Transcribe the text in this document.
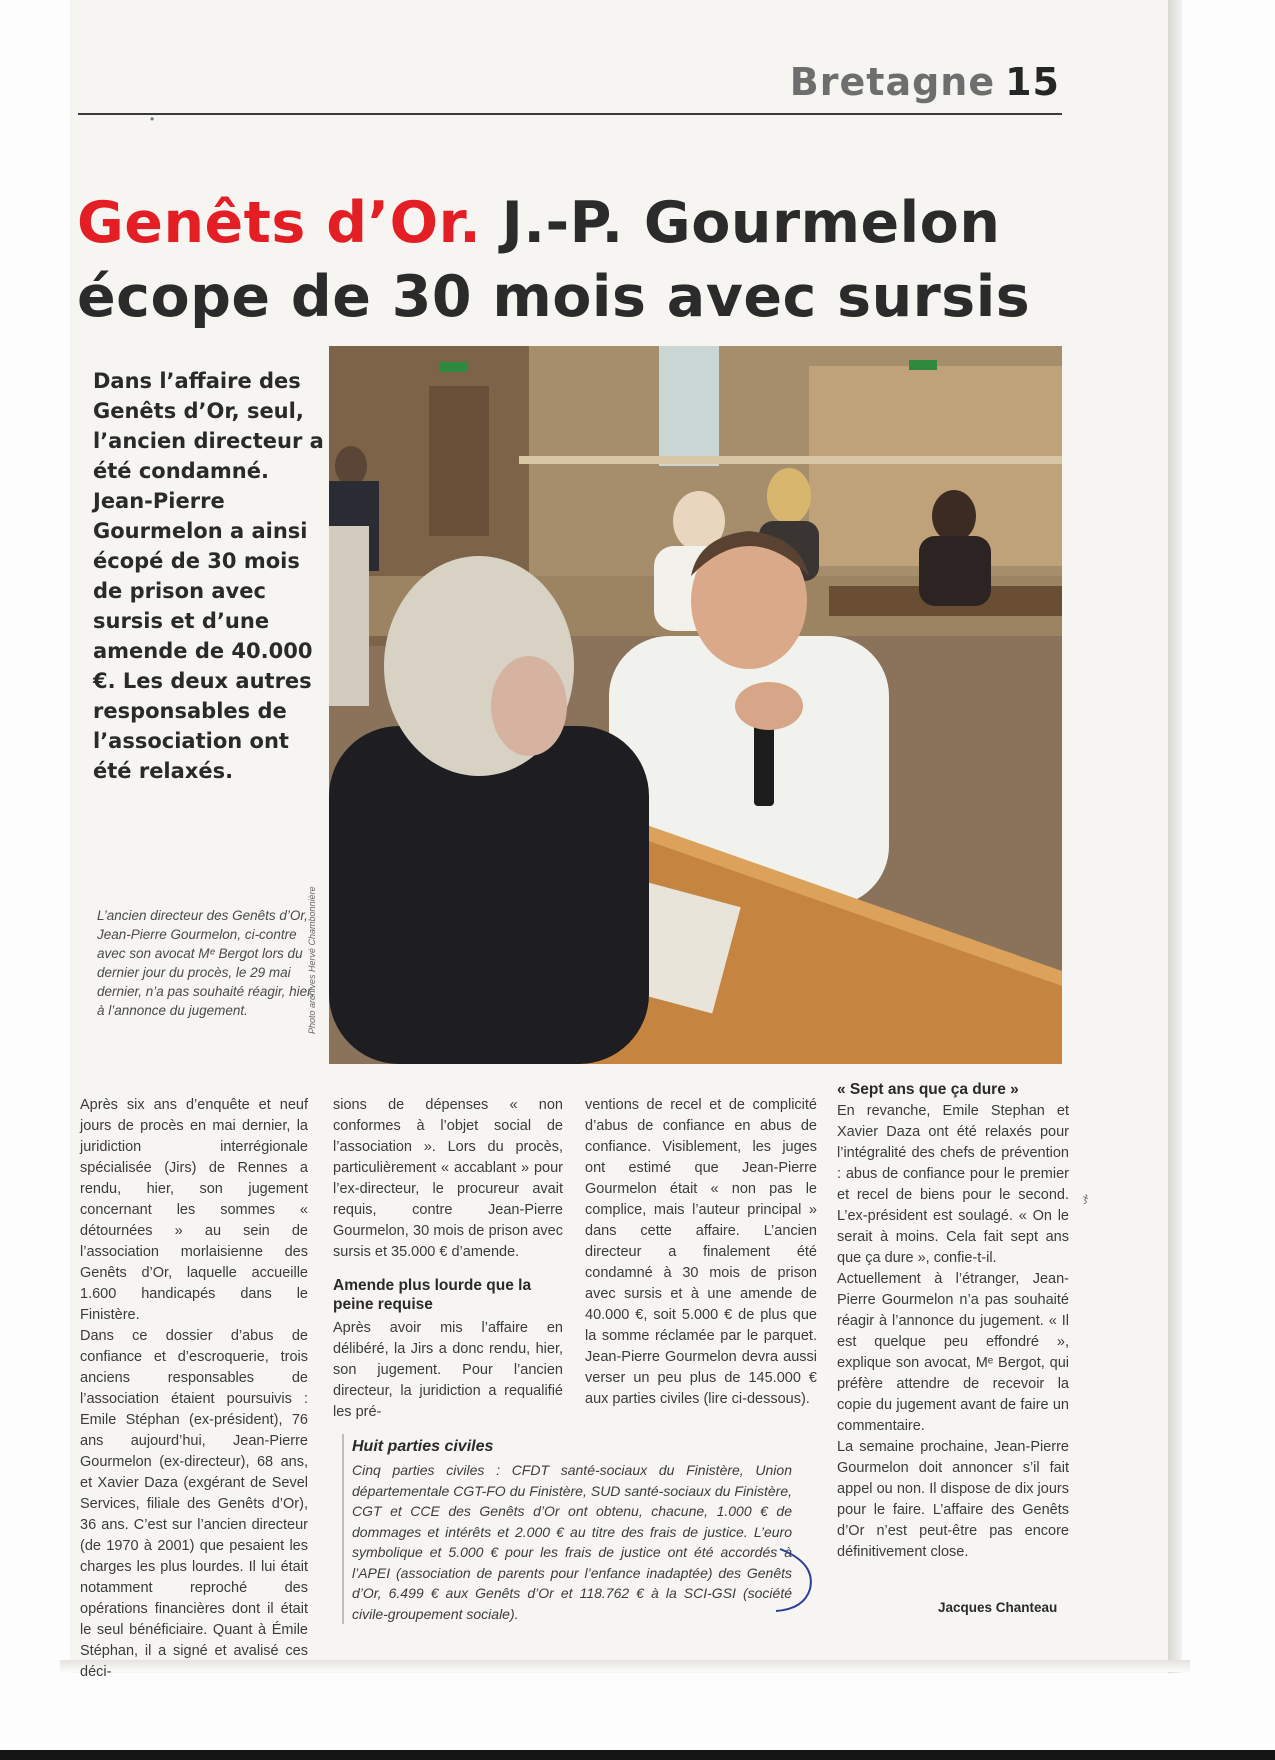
Bretagne 15
Genêts d’Or. J.-P. Gourmelon
écope de 30 mois avec sursis

Dans l’affaire des Genêts d’Or, seul, l’ancien directeur a été condamné. Jean-Pierre Gourmelon a ainsi écopé de 30 mois de prison avec sursis et d’une amende de 40.000 €. Les deux autres responsables de l’association ont été relaxés.

L’ancien directeur des Genêts d’Or, Jean-Pierre Gourmelon, ci-contre avec son avocat Mᵉ Bergot lors du dernier jour du procès, le 29 mai dernier, n’a pas souhaité réagir, hier, à l’annonce du jugement.	Photo archives Hervé Chambonnière

Après six ans d’enquête et neuf jours de procès en mai dernier, la juridiction interrégionale spécialisée (Jirs) de Rennes a rendu, hier, son jugement concernant les sommes « détournées » au sein de l’association morlaisienne des Genêts d’Or, laquelle accueille 1.600 handicapés dans le Finistère.

Dans ce dossier d’abus de confiance et d’escroquerie, trois anciens responsables de l’association étaient poursuivis : Emile Stéphan (ex-président), 76 ans aujourd’hui, Jean-Pierre Gourmelon (ex-directeur), 68 ans, et Xavier Daza (exgérant de Sevel Services, filiale des Genêts d’Or), 36 ans. C’est sur l’ancien directeur (de 1970 à 2001) que pesaient les charges les plus lourdes. Il lui était notamment reproché des opérations financières dont il était le seul bénéficiaire. Quant à Émile Stéphan, il a signé et avalisé ces déci-

sions de dépenses « non conformes à l’objet social de l’association ». Lors du procès, particulièrement « accablant » pour l’ex-directeur, le procureur avait requis, contre Jean-Pierre Gourmelon, 30 mois de prison avec sursis et 35.000 € d’amende.

Amende plus lourde que la peine requise

Après avoir mis l’affaire en délibéré, la Jirs a donc rendu, hier, son jugement. Pour l’ancien directeur, la juridiction a requalifié les pré-

ventions de recel et de complicité d’abus de confiance en abus de confiance. Visiblement, les juges ont estimé que Jean-Pierre Gourmelon était « non pas le complice, mais l’auteur principal » dans cette affaire. L’ancien directeur a finalement été condamné à 30 mois de prison avec sursis et à une amende de 40.000 €, soit 5.000 € de plus que la somme réclamée par le parquet. Jean-Pierre Gourmelon devra aussi verser un peu plus de 145.000 € aux parties civiles (lire ci-dessous).

« Sept ans que ça dure »

En revanche, Emile Stephan et Xavier Daza ont été relaxés pour l’intégralité des chefs de prévention : abus de confiance pour le premier et recel de biens pour le second. L’ex-président est soulagé. « On le serait à moins. Cela fait sept ans que ça dure », confie-t-il.

Actuellement à l’étranger, Jean-Pierre Gourmelon n’a pas souhaité réagir à l’annonce du jugement. « Il est quelque peu effondré », explique son avocat, Mᵉ Bergot, qui préfère attendre de recevoir la copie du jugement avant de faire un commentaire.

La semaine prochaine, Jean-Pierre Gourmelon doit annoncer s’il fait appel ou non. Il dispose de dix jours pour le faire. L’affaire des Genêts d’Or n’est peut-être pas encore définitivement close.

Huit parties civiles

Cinq parties civiles : CFDT santé-sociaux du Finistère, Union départementale CGT-FO du Finistère, SUD santé-sociaux du Finistère, CGT et CCE des Genêts d’Or ont obtenu, chacune, 1.000 € de dommages et intérêts et 2.000 € au titre des frais de justice. L’euro symbolique et 5.000 € pour les frais de justice ont été accordés à l’APEI (association de parents pour l’enfance inadaptée) des Genêts d’Or, 6.499 € aux Genêts d’Or et 118.762 € à la SCI-GSI (société civile-groupement sociale).	Jacques Chanteau

•
ჯ
